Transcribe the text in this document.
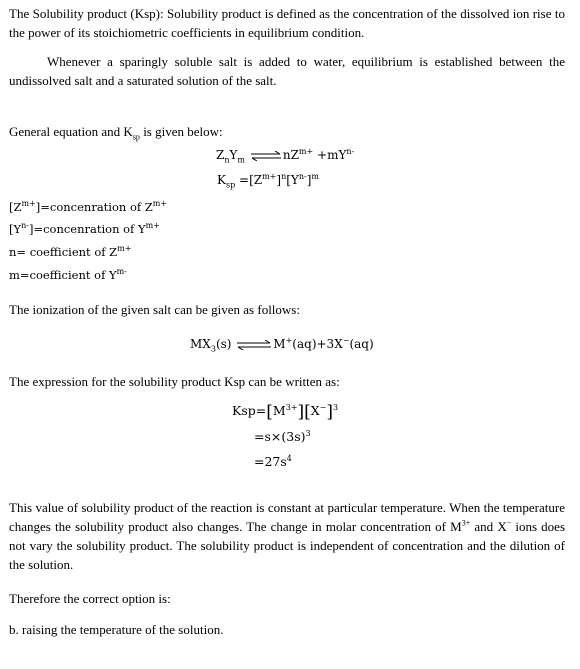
The Solubility product (Ksp): Solubility product is defined as the concentration of the dissolved ion rise to the power of its stoichiometric coefficients in equilibrium condition.

Whenever a sparingly soluble salt is added to water, equilibrium is established between the undissolved salt and a saturated solution of the salt.

General equation and $K_{sp}$ is given below:

$Z_nY_m$ $\rightleftharpoons nZ^{m+} +mY^{n-}$
$K_{sp} =[Z^{m+}]^n[Y^{n-}]^m$
$[Z^{m+}]=concenration$ of $Z^{m+}$
$[Y^{n-}]=concenration$ of $Y^{m+}$
n= coefficient of $Z^{m+}$
m=coefficient of $Y^{m-}$

The ionization of the given salt can be given as follows:

$MX_3(s)$ ⇌M+(aq)+3X−(aq)

The expression for the solubility product Ksp can be written as:

$Ksp=[M^{3+}][X^-]^3$
$=s\times(3s)^3$
$=27s^4$

This value of solubility product of the reaction is constant at particular temperature. When the temperature changes the solubility product also changes. The change in molar concentration of $M^{3+}$ and X− ions does not vary the solubility product. The solubility product is independent of concentration and the dilution of the solution.

Therefore the correct option is:

b. raising the temperature of the solution.
